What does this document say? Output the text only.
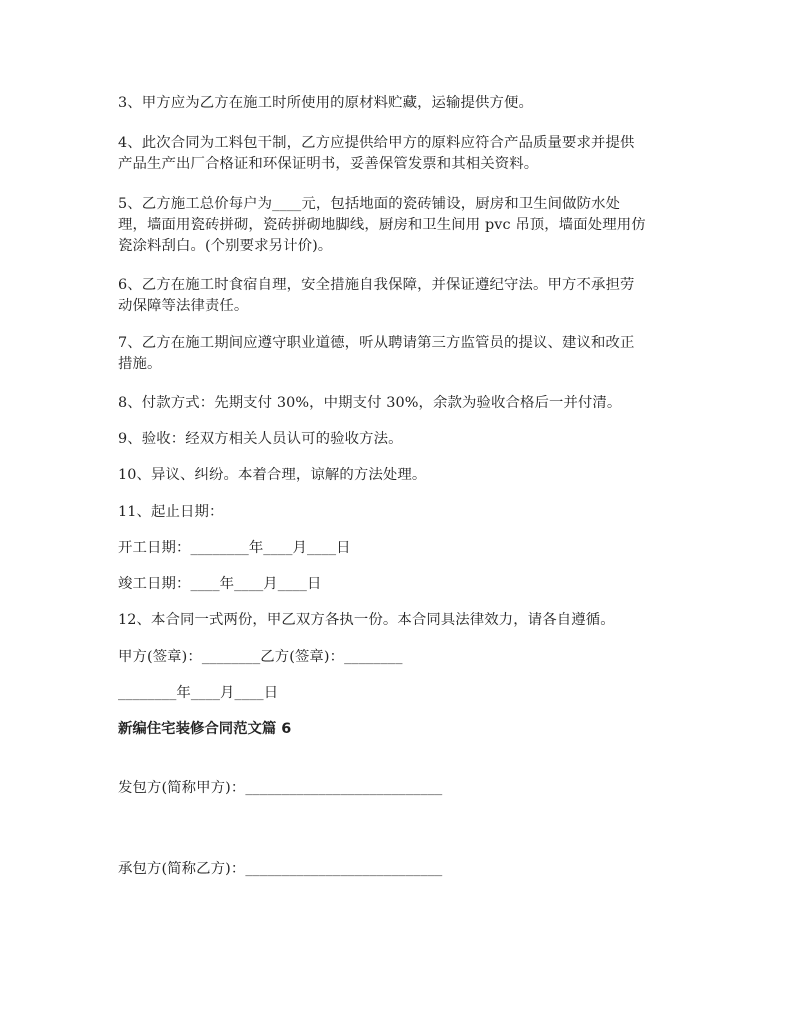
3、甲方应为乙方在施工时所使用的原材料贮藏，运输提供方便。
4、此次合同为工料包干制，乙方应提供给甲方的原料应符合产品质量要求并提供
产品生产出厂合格证和环保证明书，妥善保管发票和其相关资料。
5、乙方施工总价每户为____元，包括地面的瓷砖铺设，厨房和卫生间做防水处
理，墙面用瓷砖拼砌，瓷砖拼砌地脚线，厨房和卫生间用 pvc 吊顶，墙面处理用仿
瓷涂料刮白。(个别要求另计价)。
6、乙方在施工时食宿自理，安全措施自我保障，并保证遵纪守法。甲方不承担劳
动保障等法律责任。
7、乙方在施工期间应遵守职业道德，听从聘请第三方监管员的提议、建议和改正
措施。
8、付款方式：先期支付 30%，中期支付 30%，余款为验收合格后一并付清。
9、验收：经双方相关人员认可的验收方法。
10、异议、纠纷。本着合理，谅解的方法处理。
11、起止日期：
开工日期：________年____月____日
竣工日期：____年____月____日
12、本合同一式两份，甲乙双方各执一份。本合同具法律效力，请各自遵循。
甲方(签章)：________乙方(签章)：________
________年____月____日
新编住宅装修合同范文篇 6
发包方(简称甲方)：___________________________
承包方(简称乙方)：___________________________
